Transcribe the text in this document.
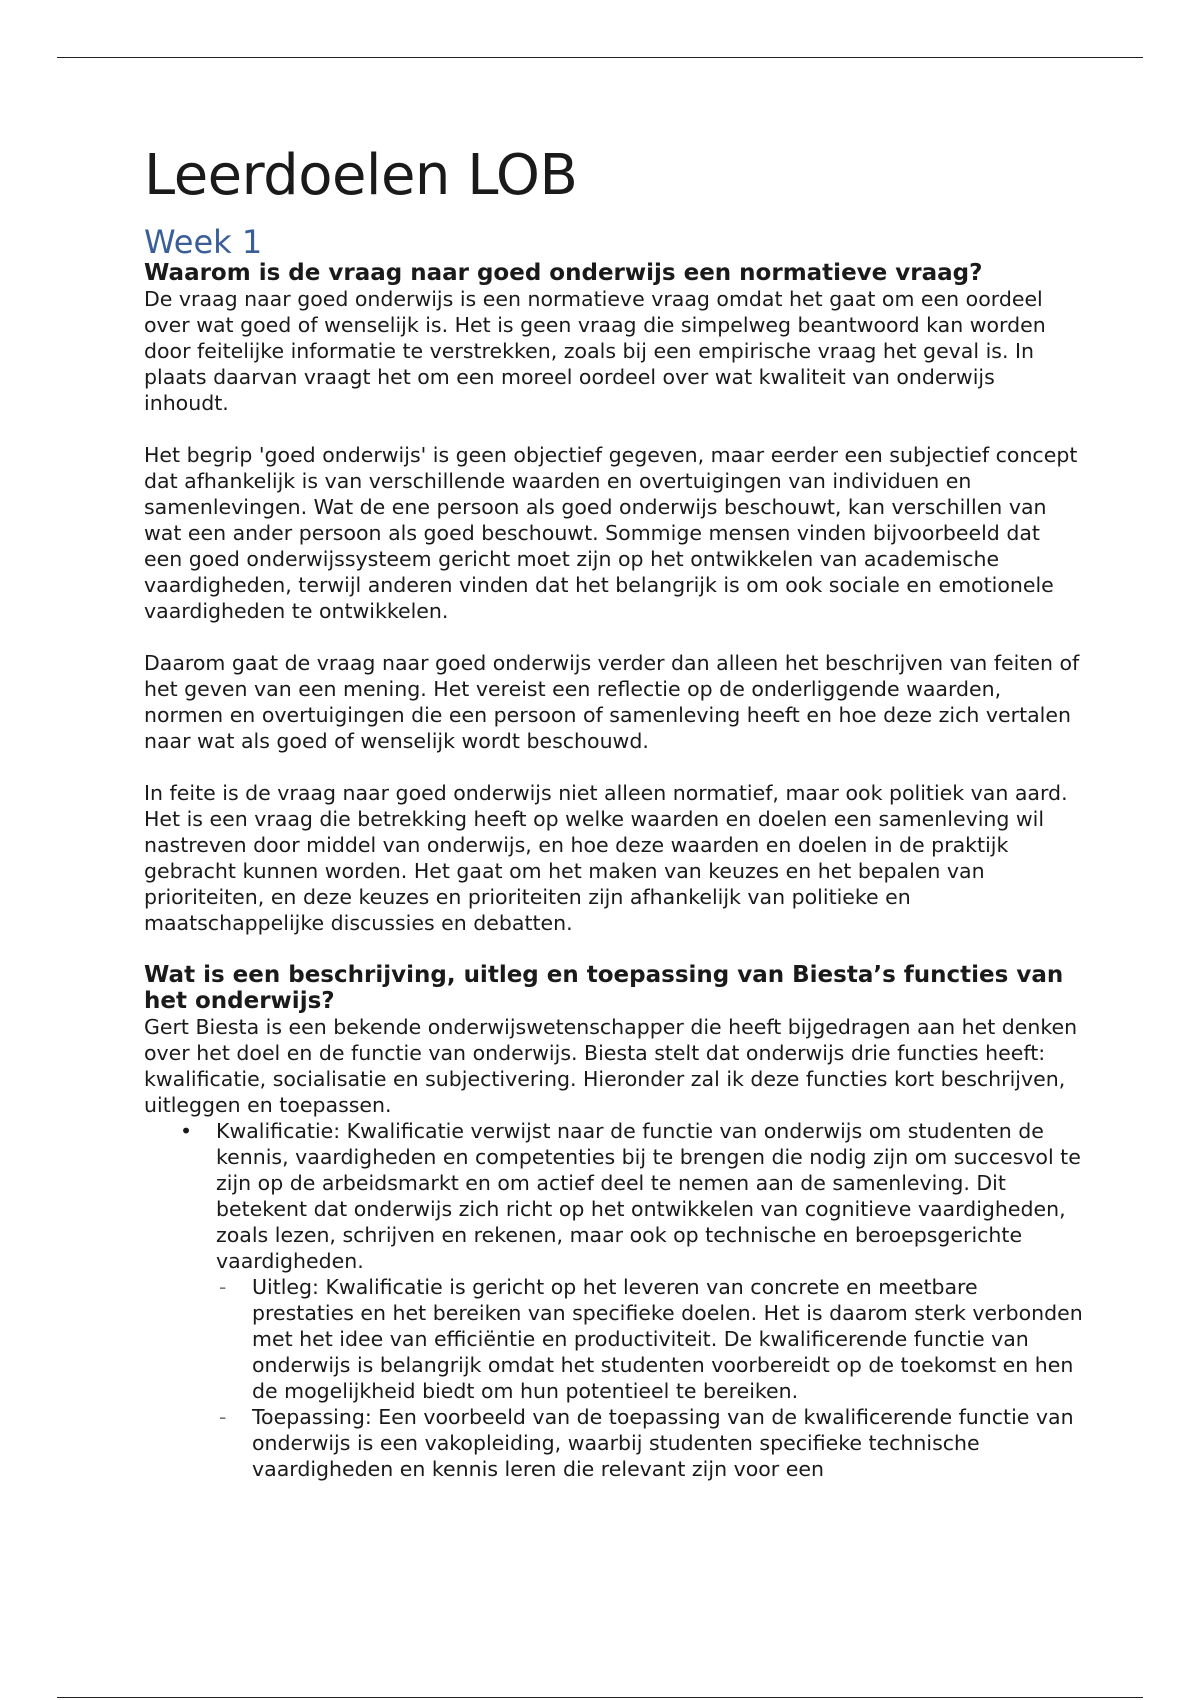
Leerdoelen LOB
Week 1
Waarom is de vraag naar goed onderwijs een normatieve vraag?

De vraag naar goed onderwijs is een normatieve vraag omdat het gaat om een oordeel over wat goed of wenselijk is. Het is geen vraag die simpelweg beantwoord kan worden door feitelijke informatie te verstrekken, zoals bij een empirische vraag het geval is. In plaats daarvan vraagt het om een moreel oordeel over wat kwaliteit van onderwijs inhoudt.

Het begrip 'goed onderwijs' is geen objectief gegeven, maar eerder een subjectief concept dat afhankelijk is van verschillende waarden en overtuigingen van individuen en samenlevingen. Wat de ene persoon als goed onderwijs beschouwt, kan verschillen van wat een ander persoon als goed beschouwt. Sommige mensen vinden bijvoorbeeld dat een goed onderwijssysteem gericht moet zijn op het ontwikkelen van academische vaardigheden, terwijl anderen vinden dat het belangrijk is om ook sociale en emotionele vaardigheden te ontwikkelen.

Daarom gaat de vraag naar goed onderwijs verder dan alleen het beschrijven van feiten of het geven van een mening. Het vereist een reflectie op de onderliggende waarden, normen en overtuigingen die een persoon of samenleving heeft en hoe deze zich vertalen naar wat als goed of wenselijk wordt beschouwd.

In feite is de vraag naar goed onderwijs niet alleen normatief, maar ook politiek van aard. Het is een vraag die betrekking heeft op welke waarden en doelen een samenleving wil nastreven door middel van onderwijs, en hoe deze waarden en doelen in de praktijk gebracht kunnen worden. Het gaat om het maken van keuzes en het bepalen van prioriteiten, en deze keuzes en prioriteiten zijn afhankelijk van politieke en maatschappelijke discussies en debatten.

Wat is een beschrijving, uitleg en toepassing van Biesta’s functies van het onderwijs?

Gert Biesta is een bekende onderwijswetenschapper die heeft bijgedragen aan het denken over het doel en de functie van onderwijs. Biesta stelt dat onderwijs drie functies heeft: kwalificatie, socialisatie en subjectivering. Hieronder zal ik deze functies kort beschrijven, uitleggen en toepassen.

• Kwalificatie: Kwalificatie verwijst naar de functie van onderwijs om studenten de kennis, vaardigheden en competenties bij te brengen die nodig zijn om succesvol te zijn op de arbeidsmarkt en om actief deel te nemen aan de samenleving. Dit betekent dat onderwijs zich richt op het ontwikkelen van cognitieve vaardigheden, zoals lezen, schrijven en rekenen, maar ook op technische en beroepsgerichte vaardigheden.
- Uitleg: Kwalificatie is gericht op het leveren van concrete en meetbare prestaties en het bereiken van specifieke doelen. Het is daarom sterk verbonden met het idee van efficiëntie en productiviteit. De kwalificerende functie van onderwijs is belangrijk omdat het studenten voorbereidt op de toekomst en hen de mogelijkheid biedt om hun potentieel te bereiken.
- Toepassing: Een voorbeeld van de toepassing van de kwalificerende functie van onderwijs is een vakopleiding, waarbij studenten specifieke technische vaardigheden en kennis leren die relevant zijn voor een
